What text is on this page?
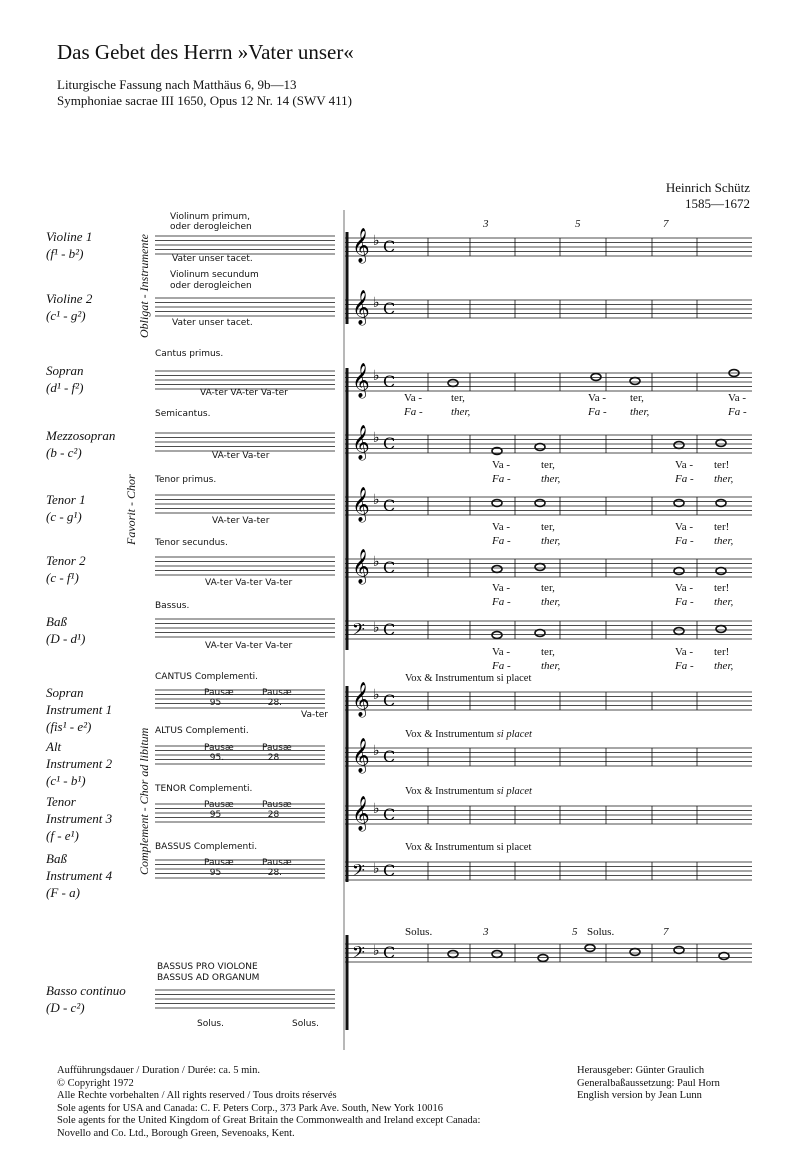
Das Gebet des Herrn »Vater unser«
Liturgische Fassung nach Matthäus 6, 9b—13
Symphoniae sacrae III 1650, Opus 12 Nr. 14 (SWV 411)
Heinrich Schütz
1585—1672
𝄞 ♭ C
𝄞 ♭ C
𝄞 ♭ C
𝄞 ♭ C
𝄞 ♭ C
𝄞 ♭ C
𝄢 ♭ C
𝄞 ♭ C
𝄞 ♭ C
𝄞 ♭ C
𝄢 ♭ C
𝄢 ♭ C
Obligat - Instrumente
Favorit - Chor
Complement - Chor ad libitum
Violine 1
(f¹ - b²)
Violine 2
(c¹ - g²)
Sopran
(d¹ - f²)
Mezzosopran
(b - c²)
Tenor 1
(c - g¹)
Tenor 2
(c - f¹)
Baß
(D - d¹)
Sopran
Instrument 1
(fis¹ - e²)
Alt
Instrument 2
(c¹ - b¹)
Tenor
Instrument 3
(f - e¹)
Baß
Instrument 4
(F - a)
Basso continuo
(D - c²)
Violinum primum,
oder derogleichen
Vater unser tacet.
Violinum secundum
oder derogleichen
Vater unser tacet.
Cantus primus.
VA-ter VA-ter Va-ter
Semicantus.
VA-ter Va-ter
Tenor primus.
VA-ter Va-ter
Tenor secundus.
VA-ter Va-ter Va-ter
Bassus.
VA-ter Va-ter Va-ter
CANTUS Complementi.
Va-ter
ALTUS Complementi.
TENOR Complementi.
BASSUS Complementi.
Pausæ
95
Pausæ
28.
Pausæ
95.
Pausæ
28
Pausæ
95
Pausæ
28
Pausæ
95
Pausæ
28.
Vox & Instrumentum si placet
Vox & Instrumentum si placet
Vox & Instrumentum si placet
Vox & Instrumentum si placet
BASSUS PRO VIOLONE
BASSUS AD ORGANUM
Solus.	Solus.
3	5	7
3	5	7
Solus.	Solus.
Va -	ter,
Fa -	ther,
Va - ter,
Fa - ther,
Va -
Fa -
Va -	ter,
Fa -	ther,
Va - ter!
Fa - ther,
Va -	ter,
Fa -	ther,
Va - ter!
Fa - ther,
Va -	ter,
Fa -	ther,
Va - ter!
Fa - ther,
Va -	ter,
Fa -	ther,
Va - ter!
Fa - ther,
Aufführungsdauer / Duration / Durée: ca. 5 min.
© Copyright 1972
Alle Rechte vorbehalten / All rights reserved / Tous droits réservés
Sole agents for USA and Canada: C. F. Peters Corp., 373 Park Ave. South, New York 10016
Sole agents for the United Kingdom of Great Britain the Commonwealth and Ireland except Canada:
Novello and Co. Ltd., Borough Green, Sevenoaks, Kent.
Herausgeber: Günter Graulich
Generalbaßaussetzung: Paul Horn
English version by Jean Lunn
